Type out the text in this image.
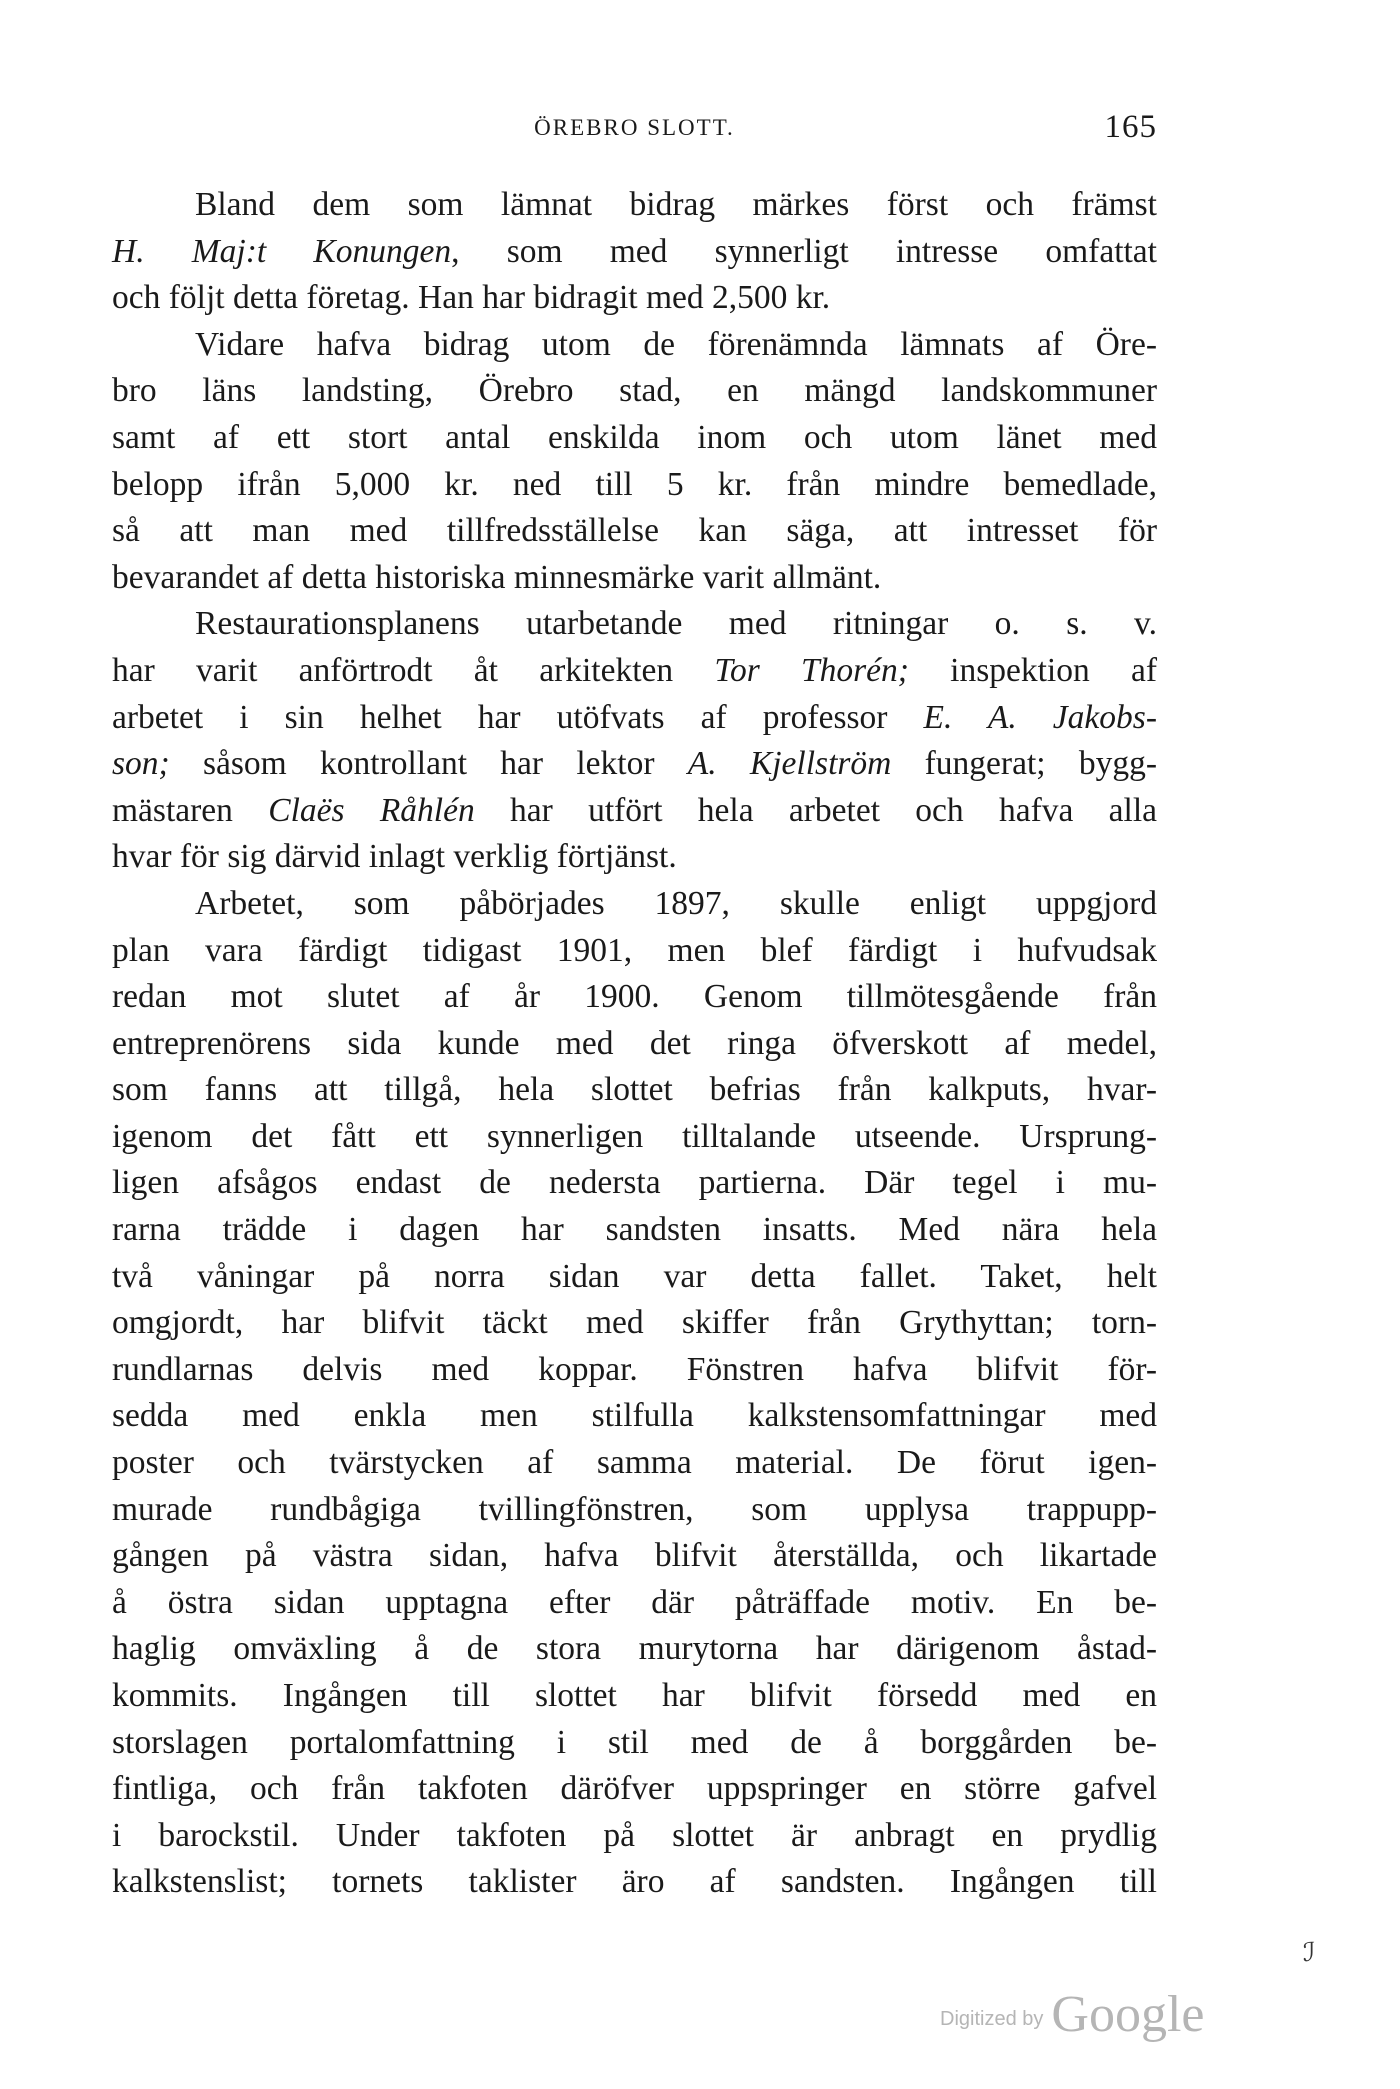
ÖREBRO SLOTT.	165
Bland dem som lämnat bidrag märkes först och främst
H. Maj:t Konungen, som med synnerligt intresse omfattat
och följt detta företag. Han har bidragit med 2,500 kr.
Vidare hafva bidrag utom de förenämnda lämnats af Öre-
bro läns landsting, Örebro stad, en mängd landskommuner
samt af ett stort antal enskilda inom och utom länet med
belopp ifrån 5,000 kr. ned till 5 kr. från mindre bemedlade,
så att man med tillfredsställelse kan säga, att intresset för
bevarandet af detta historiska minnesmärke varit allmänt.
Restaurationsplanens utarbetande med ritningar o. s. v.
har varit anförtrodt åt arkitekten Tor Thorén; inspektion af
arbetet i sin helhet har utöfvats af professor E. A. Jakobs-
son; såsom kontrollant har lektor A. Kjellström fungerat; bygg-
mästaren Claës Råhlén har utfört hela arbetet och hafva alla
hvar för sig därvid inlagt verklig förtjänst.
Arbetet, som påbörjades 1897, skulle enligt uppgjord
plan vara färdigt tidigast 1901, men blef färdigt i hufvudsak
redan mot slutet af år 1900. Genom tillmötesgående från
entreprenörens sida kunde med det ringa öfverskott af medel,
som fanns att tillgå, hela slottet befrias från kalkputs, hvar-
igenom det fått ett synnerligen tilltalande utseende. Ursprung-
ligen afsågos endast de nedersta partierna. Där tegel i mu-
rarna trädde i dagen har sandsten insatts. Med nära hela
två våningar på norra sidan var detta fallet. Taket, helt
omgjordt, har blifvit täckt med skiffer från Grythyttan; torn-
rundlarnas delvis med koppar. Fönstren hafva blifvit för-
sedda med enkla men stilfulla kalkstensomfattningar med
poster och tvärstycken af samma material. De förut igen-
murade rundbågiga tvillingfönstren, som upplysa trappupp-
gången på västra sidan, hafva blifvit återställda, och likartade
å östra sidan upptagna efter där påträffade motiv. En be-
haglig omväxling å de stora murytorna har därigenom åstad-
kommits. Ingången till slottet har blifvit försedd med en
storslagen portalomfattning i stil med de å borggården be-
fintliga, och från takfoten däröfver uppspringer en större gafvel
i barockstil. Under takfoten på slottet är anbragt en prydlig
kalkstenslist; tornets taklister äro af sandsten. Ingången till
ℐ
Digitized by Google
